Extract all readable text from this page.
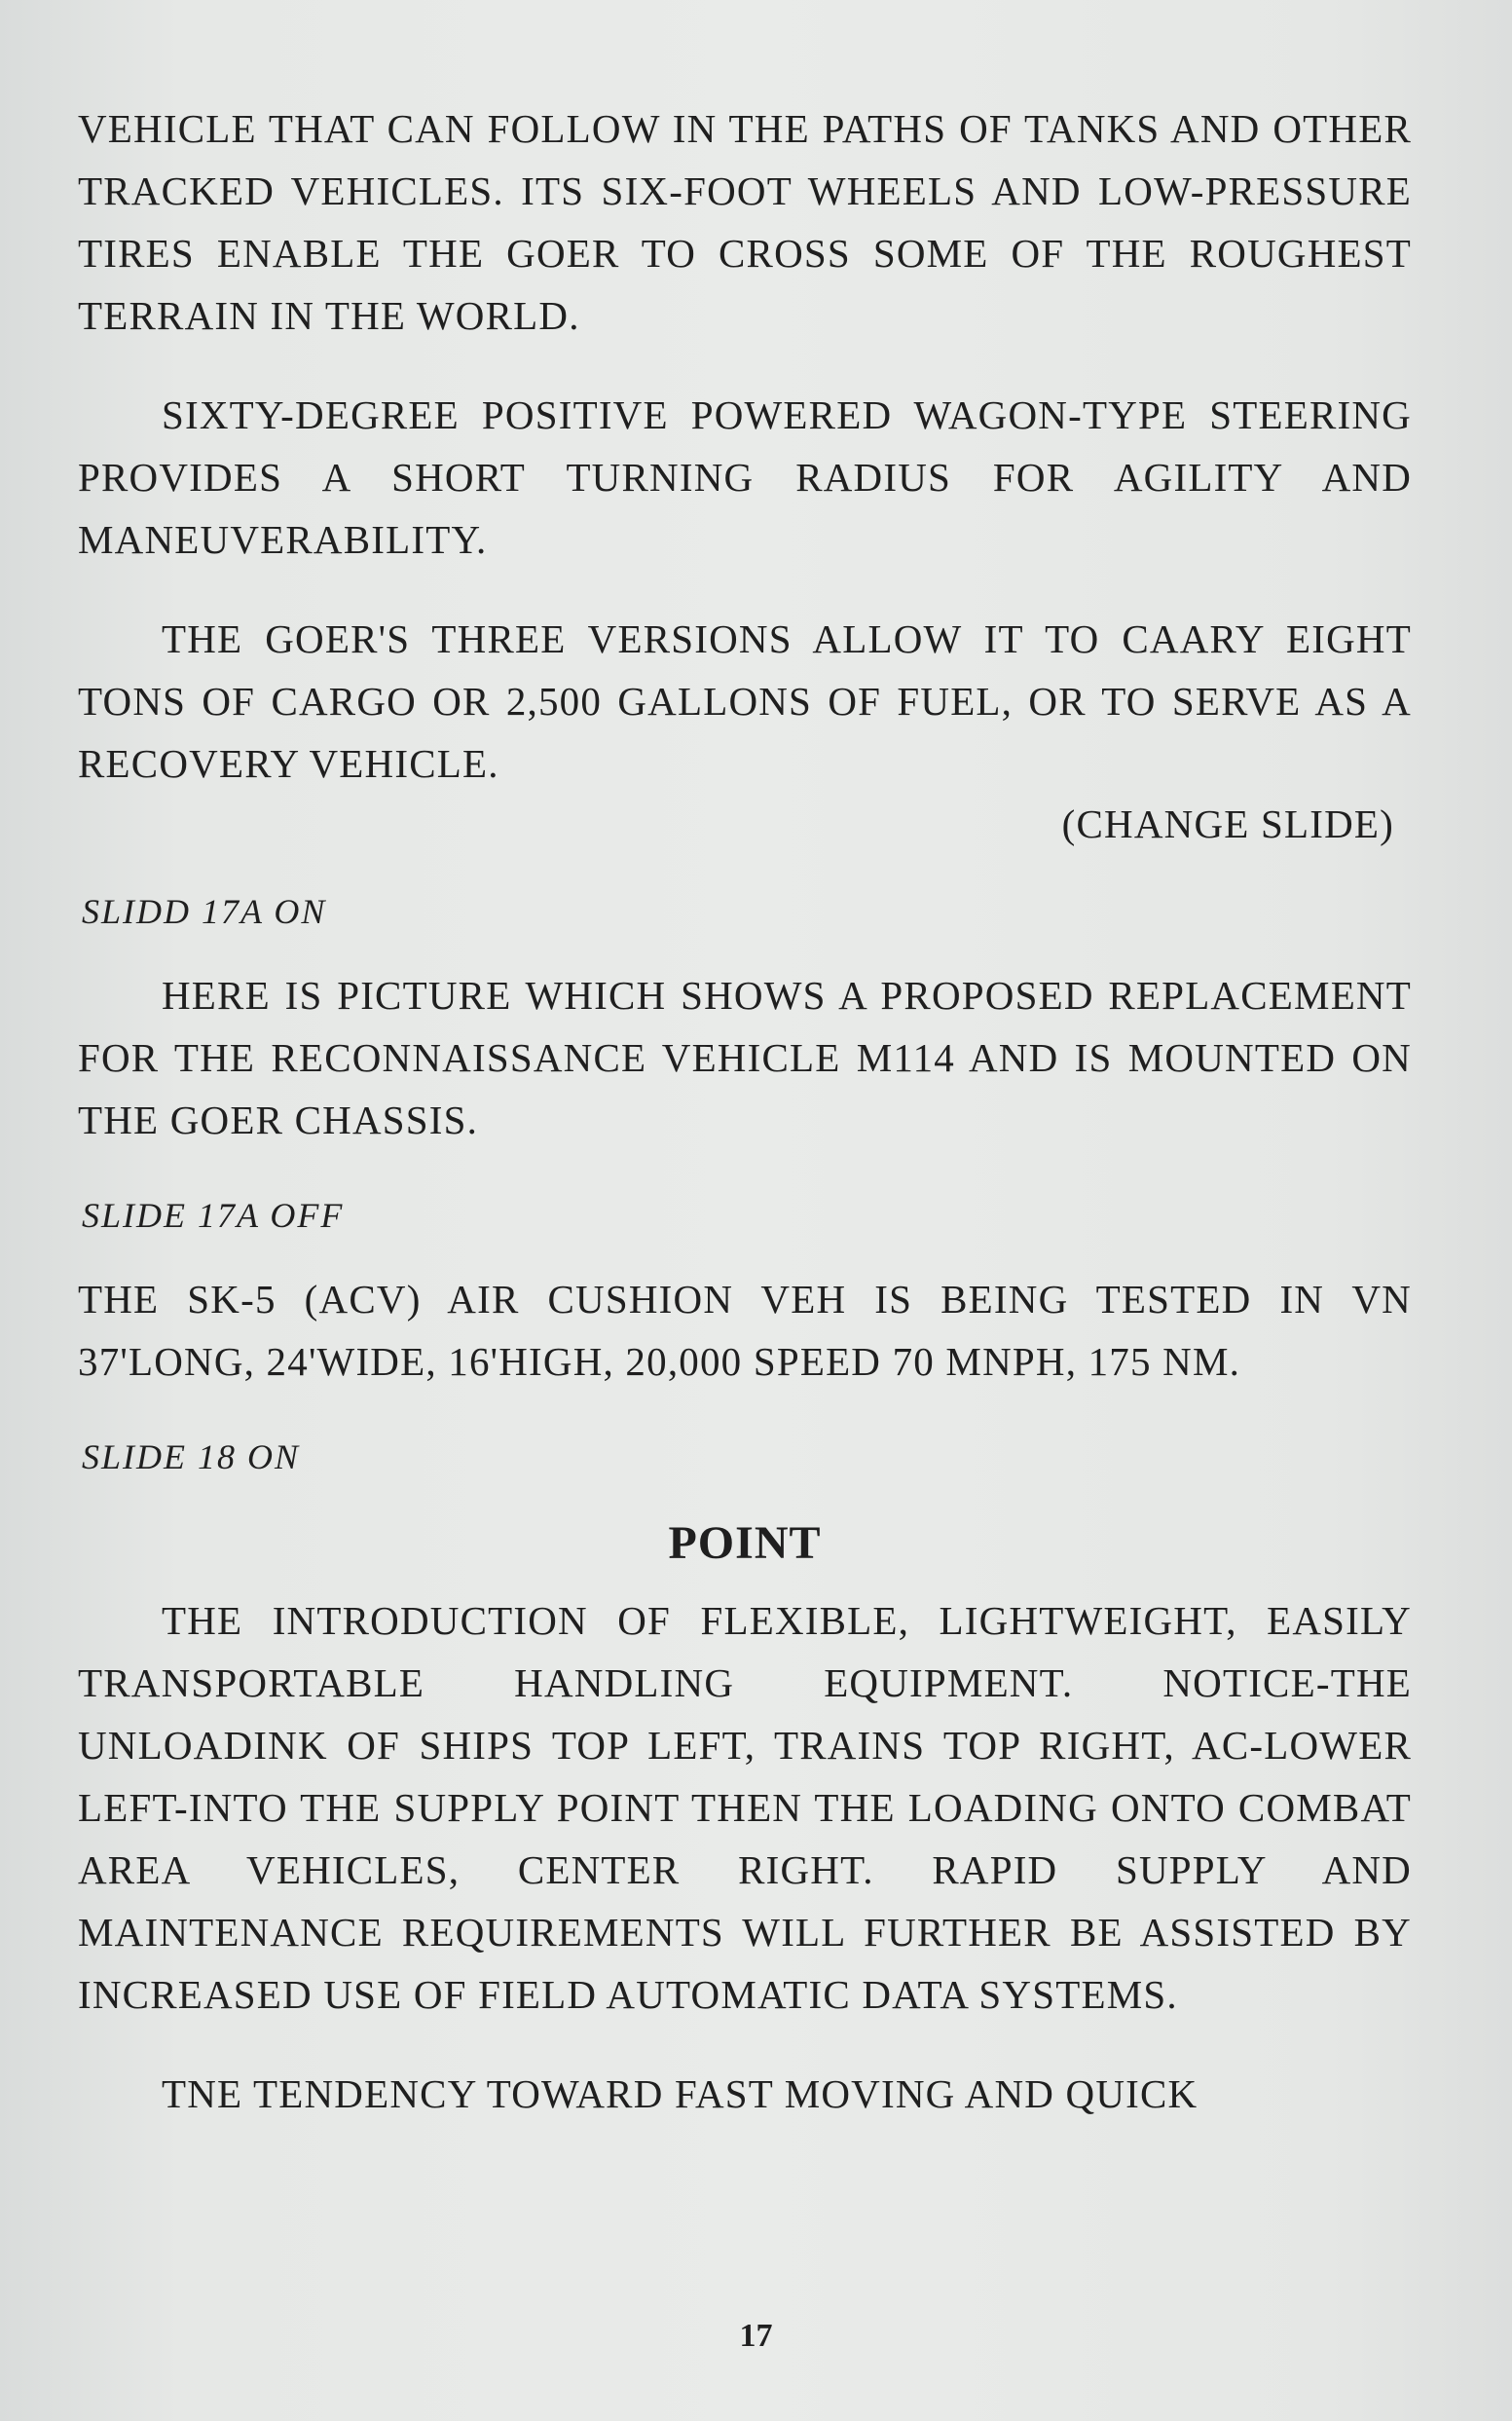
VEHICLE THAT CAN FOLLOW IN THE PATHS OF TANKS AND OTHER TRACKED VEHICLES. ITS SIX-FOOT WHEELS AND LOW-PRESSURE TIRES ENABLE THE GOER TO CROSS SOME OF THE ROUGHEST TERRAIN IN THE WORLD.

SIXTY-DEGREE POSITIVE POWERED WAGON-TYPE STEERING PROVIDES A SHORT TURNING RADIUS FOR AGILITY AND MANEUVERABILITY.

THE GOER'S THREE VERSIONS ALLOW IT TO CAARY EIGHT TONS OF CARGO OR 2,500 GALLONS OF FUEL, OR TO SERVE AS A RECOVERY VEHICLE.

(CHANGE SLIDE)
SLIDD 17A ON

HERE IS PICTURE WHICH SHOWS A PROPOSED REPLACEMENT FOR THE RECONNAISSANCE VEHICLE M114 AND IS MOUNTED ON THE GOER CHASSIS.

SLIDE 17A OFF

THE SK-5 (ACV) AIR CUSHION VEH IS BEING TESTED IN VN 37'LONG, 24'WIDE, 16'HIGH, 20,000 SPEED 70 MNPH, 175 NM.

SLIDE 18 ON
POINT

THE INTRODUCTION OF FLEXIBLE, LIGHTWEIGHT, EASILY TRANSPORTABLE HANDLING EQUIPMENT. NOTICE-THE UNLOADINK OF SHIPS TOP LEFT, TRAINS TOP RIGHT, AC-LOWER LEFT-INTO THE SUPPLY POINT THEN THE LOADING ONTO COMBAT AREA VEHICLES, CENTER RIGHT. RAPID SUPPLY AND MAINTENANCE REQUIREMENTS WILL FURTHER BE ASSISTED BY INCREASED USE OF FIELD AUTOMATIC DATA SYSTEMS.

TNE TENDENCY TOWARD FAST MOVING AND QUICK

17
